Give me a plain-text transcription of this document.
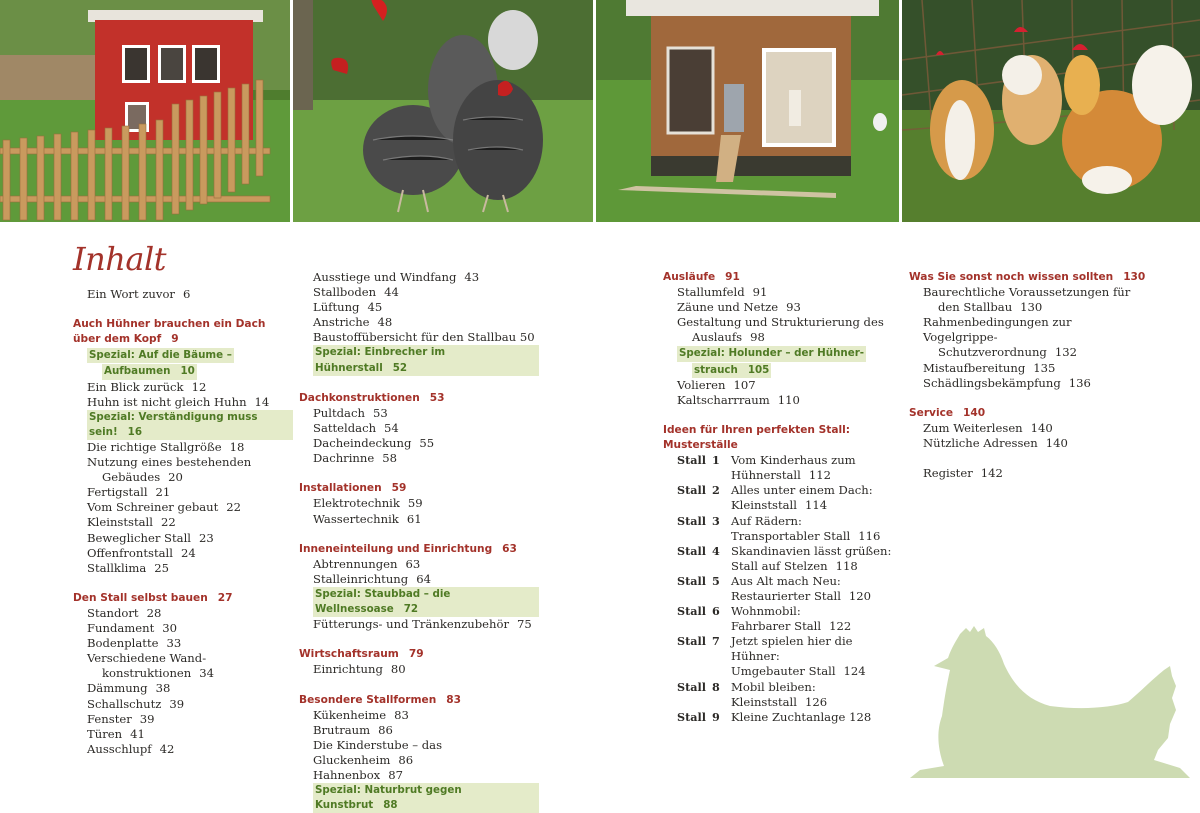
Inhalt
Ein Wort zuvor 6
Auch Hühner brauchen ein Dach
über dem Kopf 9
Spezial: Auf die Bäume –
Aufbaumen 10
Ein Blick zurück 12
Huhn ist nicht gleich Huhn 14
Spezial: Verständigung muss sein! 16
Die richtige Stallgröße 18
Nutzung eines bestehenden
Gebäudes 20
Fertigstall 21
Vom Schreiner gebaut 22
Kleinststall 22
Beweglicher Stall 23
Offenfrontstall 24
Stallklima 25
Den Stall selbst bauen 27
Standort 28
Fundament 30
Bodenplatte 33
Verschiedene Wand-
konstruktionen 34
Dämmung 38
Schallschutz 39
Fenster 39
Türen 41
Ausschlupf 42
Ausstiege und Windfang 43
Stallboden 44
Lüftung 45
Anstriche 48
Baustoffübersicht für den Stallbau 50
Spezial: Einbrecher im Hühnerstall 52
Dachkonstruktionen 53
Pultdach 53
Satteldach 54
Dacheindeckung 55
Dachrinne 58
Installationen 59
Elektrotechnik 59
Wassertechnik 61
Inneneinteilung und Einrichtung 63
Abtrennungen 63
Stalleinrichtung 64
Spezial: Staubbad – die Wellnessoase 72
Fütterungs- und Tränkenzubehör 75
Wirtschaftsraum 79
Einrichtung 80
Besondere Stallformen 83
Kükenheime 83
Brutraum 86
Die Kinderstube – das Gluckenheim 86
Hahnenbox 87
Spezial: Naturbrut gegen Kunstbrut 88
Ausläufe 91
Stallumfeld 91
Zäune und Netze 93
Gestaltung und Strukturierung des
Auslaufs 98
Spezial: Holunder – der Hühner-
strauch 105
Volieren 107
Kaltscharrraum 110
Ideen für Ihren perfekten Stall:
Musterställe
Stall 1 Vom Kinderhaus zum
Hühnerstall 112
Stall 2 Alles unter einem Dach:
Kleinststall 114
Stall 3 Auf Rädern:
Transportabler Stall 116
Stall 4 Skandinavien lässt grüßen:
Stall auf Stelzen 118
Stall 5 Aus Alt mach Neu:
Restaurierter Stall 120
Stall 6 Wohnmobil:
Fahrbarer Stall 122
Stall 7 Jetzt spielen hier die Hühner:
Umgebauter Stall 124
Stall 8 Mobil bleiben:
Kleinststall 126
Stall 9 Kleine Zuchtanlage 128
Was Sie sonst noch wissen sollten 130
Baurechtliche Voraussetzungen für
den Stallbau 130
Rahmenbedingungen zur Vogelgrippe-
Schutzverordnung 132
Mistaufbereitung 135
Schädlingsbekämpfung 136
Service 140
Zum Weiterlesen 140
Nützliche Adressen 140
Register 142
